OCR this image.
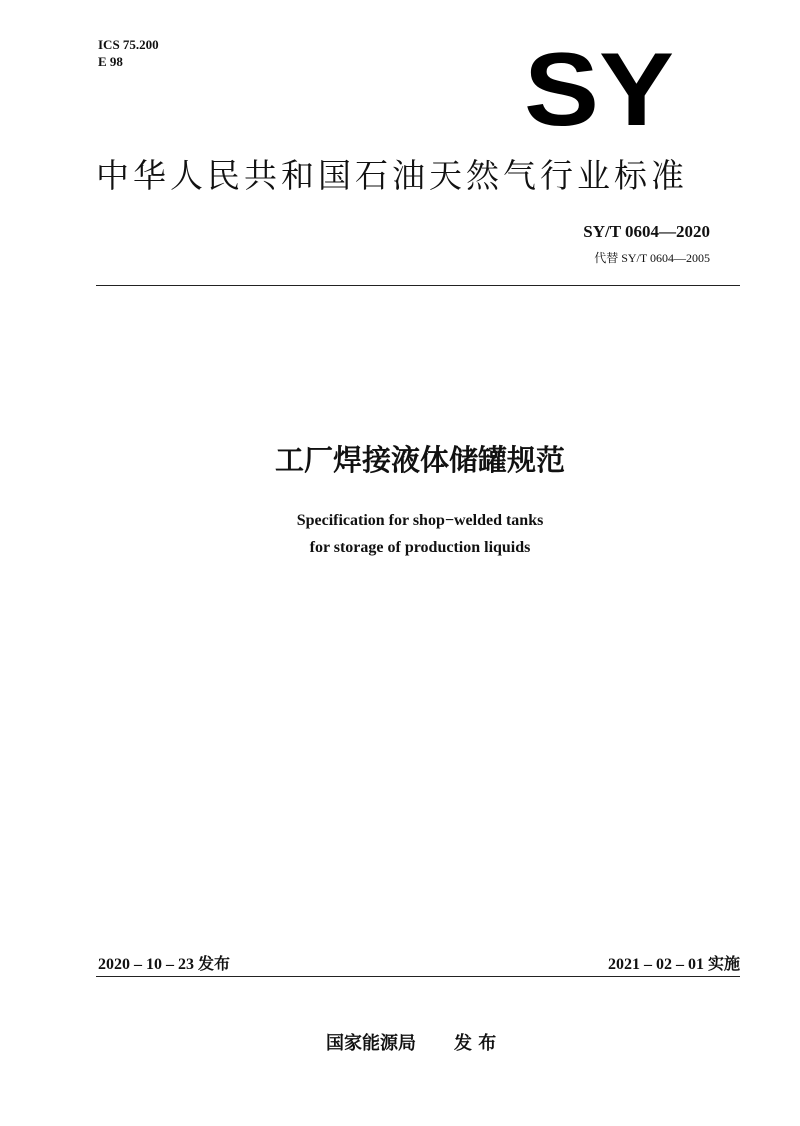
ICS 75.200
E 98	SY
中华人民共和国石油天然气行业标准
SY/T 0604—2020
代替 SY/T 0604—2005
工厂焊接液体储罐规范
Specification for shop−welded tanks
for storage of production liquids
2020 – 10 – 23 发布	2021 – 02 – 01 实施
国家能源局 发 布
